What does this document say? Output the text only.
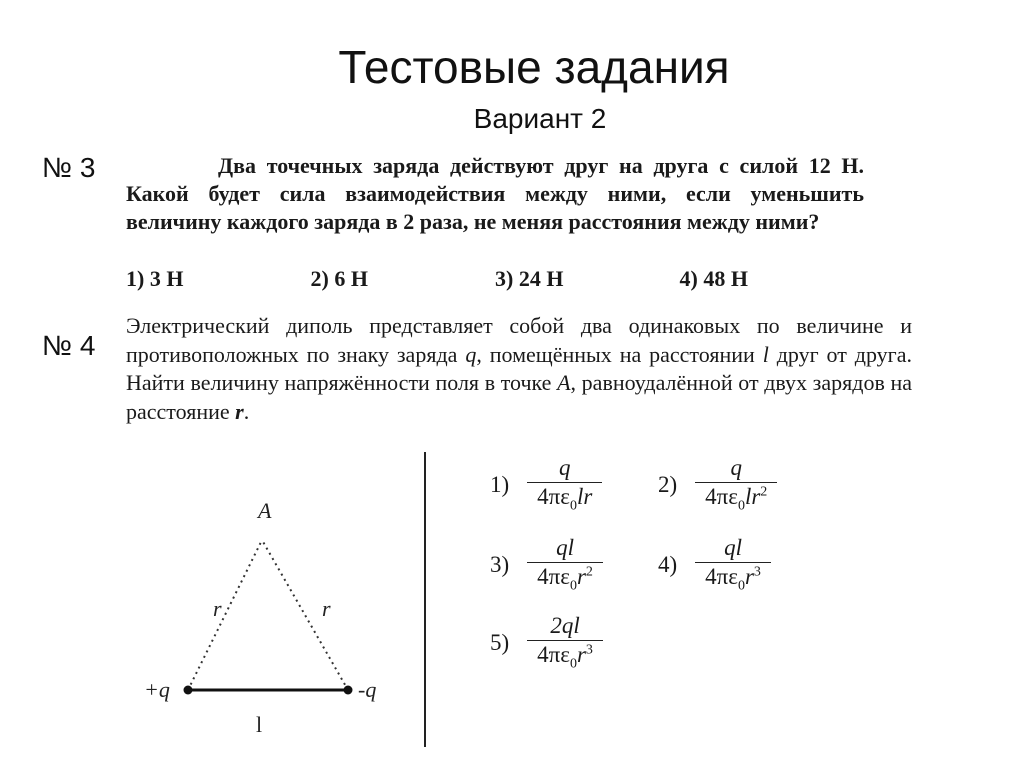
Тестовые задания
Вариант 2
№ 3	Два точечных заряда действуют друг на друга с силой 12 Н. Какой будет сила взаимодействия между ними, если уменьшить величину каждого заряда в 2 раза, не меняя расстояния между ними?
1) 3 Н	2) 6 Н	3) 24 Н	4) 48 Н
№ 4
Электрический диполь представляет собой два одинаковых по величине и противоположных по знаку заряда q, помещённых на расстоянии l друг от друга. Найти величину напряжённости поля в точке A, равноудалённой от двух зарядов на расстояние r.
A
r	r
+q	-q
l
$1) \frac{q}{4\pi\varepsilon_0lr} 2) \frac{q}{4\pi\varepsilon_0lr^2}$
$3) \frac{ql}{4\pi\varepsilon_0r^2} 4) \frac{ql}{4\pi\varepsilon_0r^3}$
$5) \frac{2ql}{4\pi\varepsilon_0r^3}$
